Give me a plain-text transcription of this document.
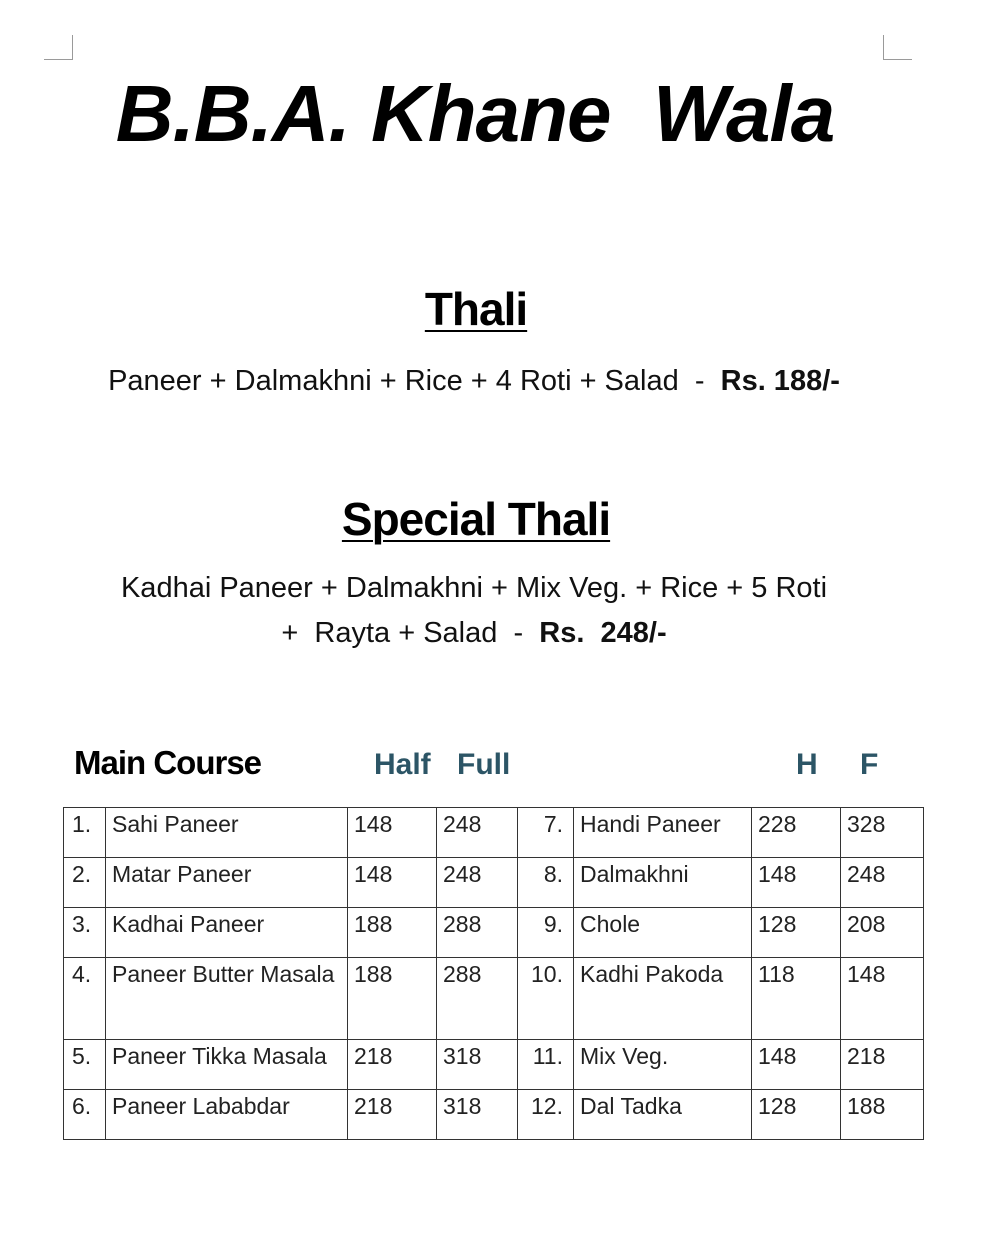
B.B.A. Khane  Wala
Thali
Paneer + Dalmakhni + Rice + 4 Roti + Salad  -  Rs. 188/-
Special Thali
Kadhai Paneer + Dalmakhni + Mix Veg. + Rice + 5 Roti
+  Rayta + Salad  -  Rs.  248/-
Main Course	Half Full	H F
1.	Sahi Paneer	148	248	7.	Handi Paneer	228	328
2.	Matar Paneer	148	248	8.	Dalmakhni	148	248
3.	Kadhai Paneer	188	288	9.	Chole	128	208
4.	Paneer Butter Masala	188	288	10.	Kadhi Pakoda	118	148
5.	Paneer Tikka Masala	218	318	11.	Mix Veg.	148	218
6.	Paneer Lababdar	218	318	12.	Dal Tadka	128	188
